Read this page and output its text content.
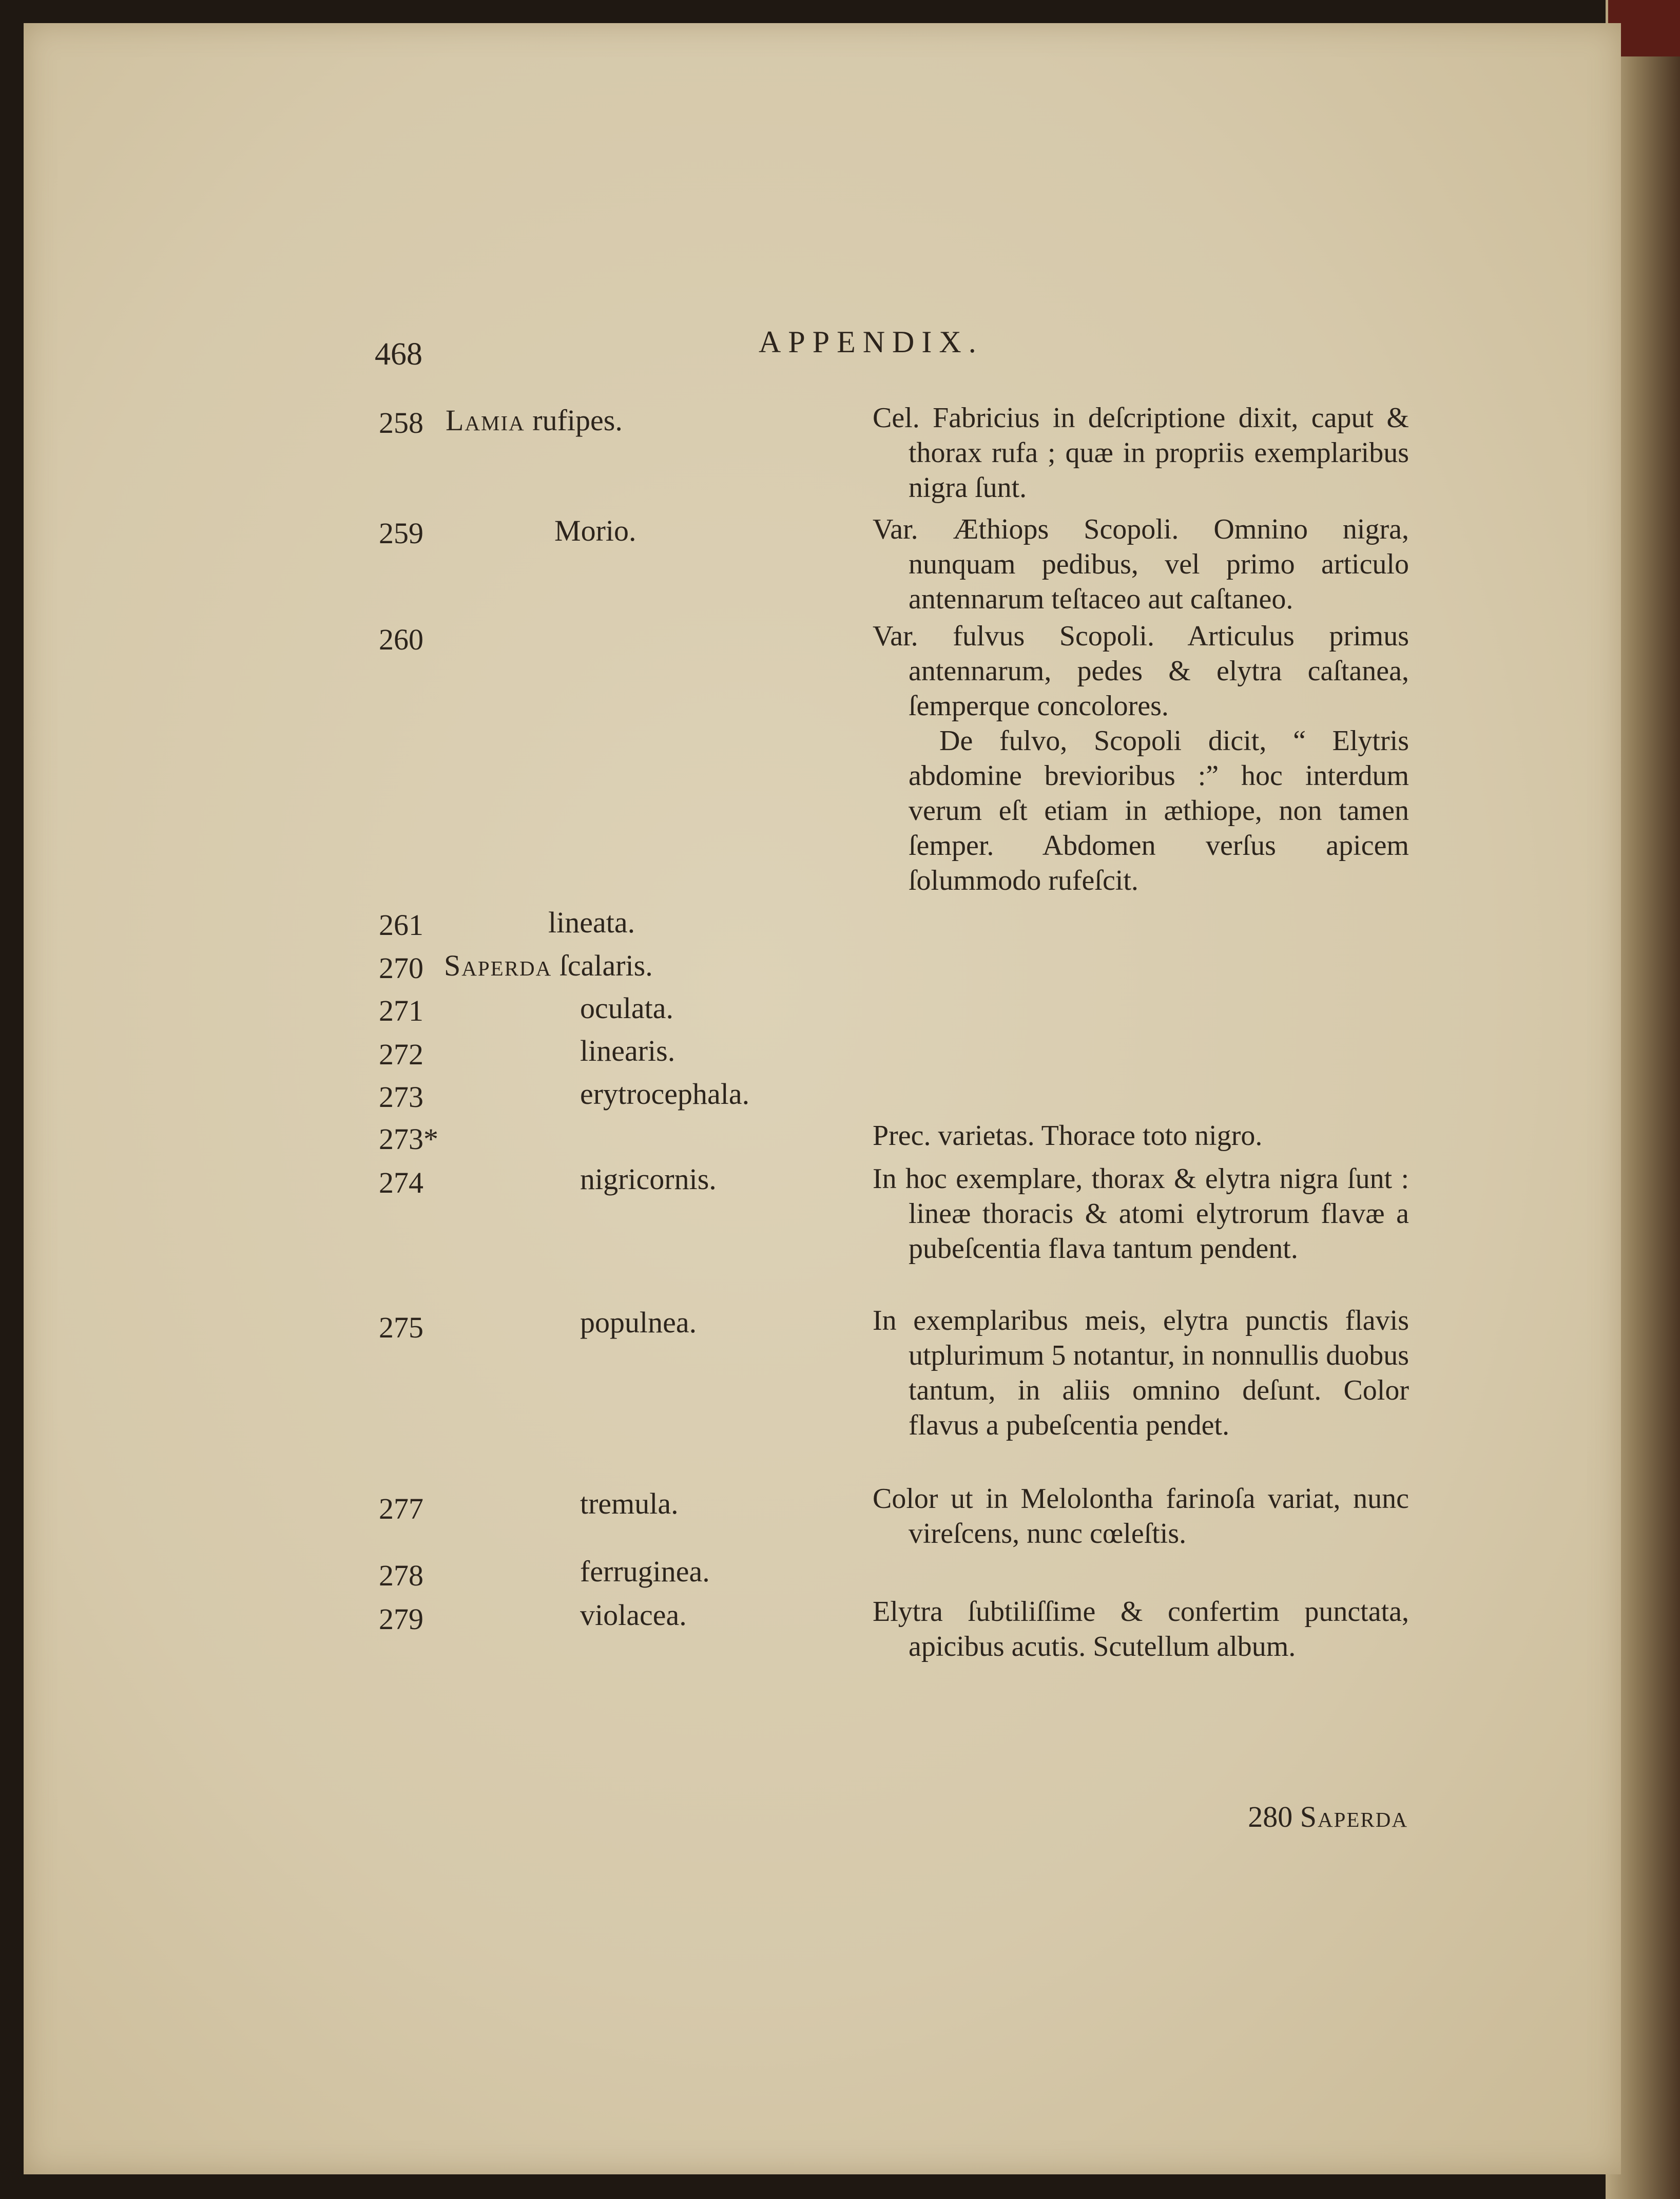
468	APPENDIX.
258 Lamia rufipes.	Cel. Fabricius in deſcriptione dixit, caput & thorax rufa ; quæ in propriis exemplaribus nigra ſunt.

259	Morio.	Var. Æthiops Scopoli. Omnino nigra, nunquam pedibus, vel primo articulo antennarum teſtaceo aut caſtaneo.

260	Var. fulvus Scopoli. Articulus primus antennarum, pedes & elytra caſtanea, ſemperque concolores.

De fulvo, Scopoli dicit, “ Elytris abdomine brevioribus :” hoc interdum verum eſt etiam in æthiope, non tamen ſemper. Abdomen verſus apicem ſolummodo rufeſcit.

261	lineata.
270 Saperda ſcalaris.
271	oculata.
272	linearis.
273	erytrocephala.
273*	Prec. varietas. Thorace toto nigro.

274	nigricornis.	In hoc exemplare, thorax & elytra nigra ſunt : lineæ thoracis & atomi elytrorum flavæ a pubeſcentia flava tantum pendent.

275	populnea.	In exemplaribus meis, elytra punctis flavis utplurimum 5 notantur, in nonnullis duobus tantum, in aliis omnino deſunt. Color flavus a pubeſcentia pendet.

277	tremula.	Color ut in Melolontha farinoſa variat, nunc vireſcens, nunc cœleſtis.

278	ferruginea.
279	violacea.	Elytra ſubtiliſſime & confertim punctata, apicibus acutis. Scutellum album.

280 Saperda
